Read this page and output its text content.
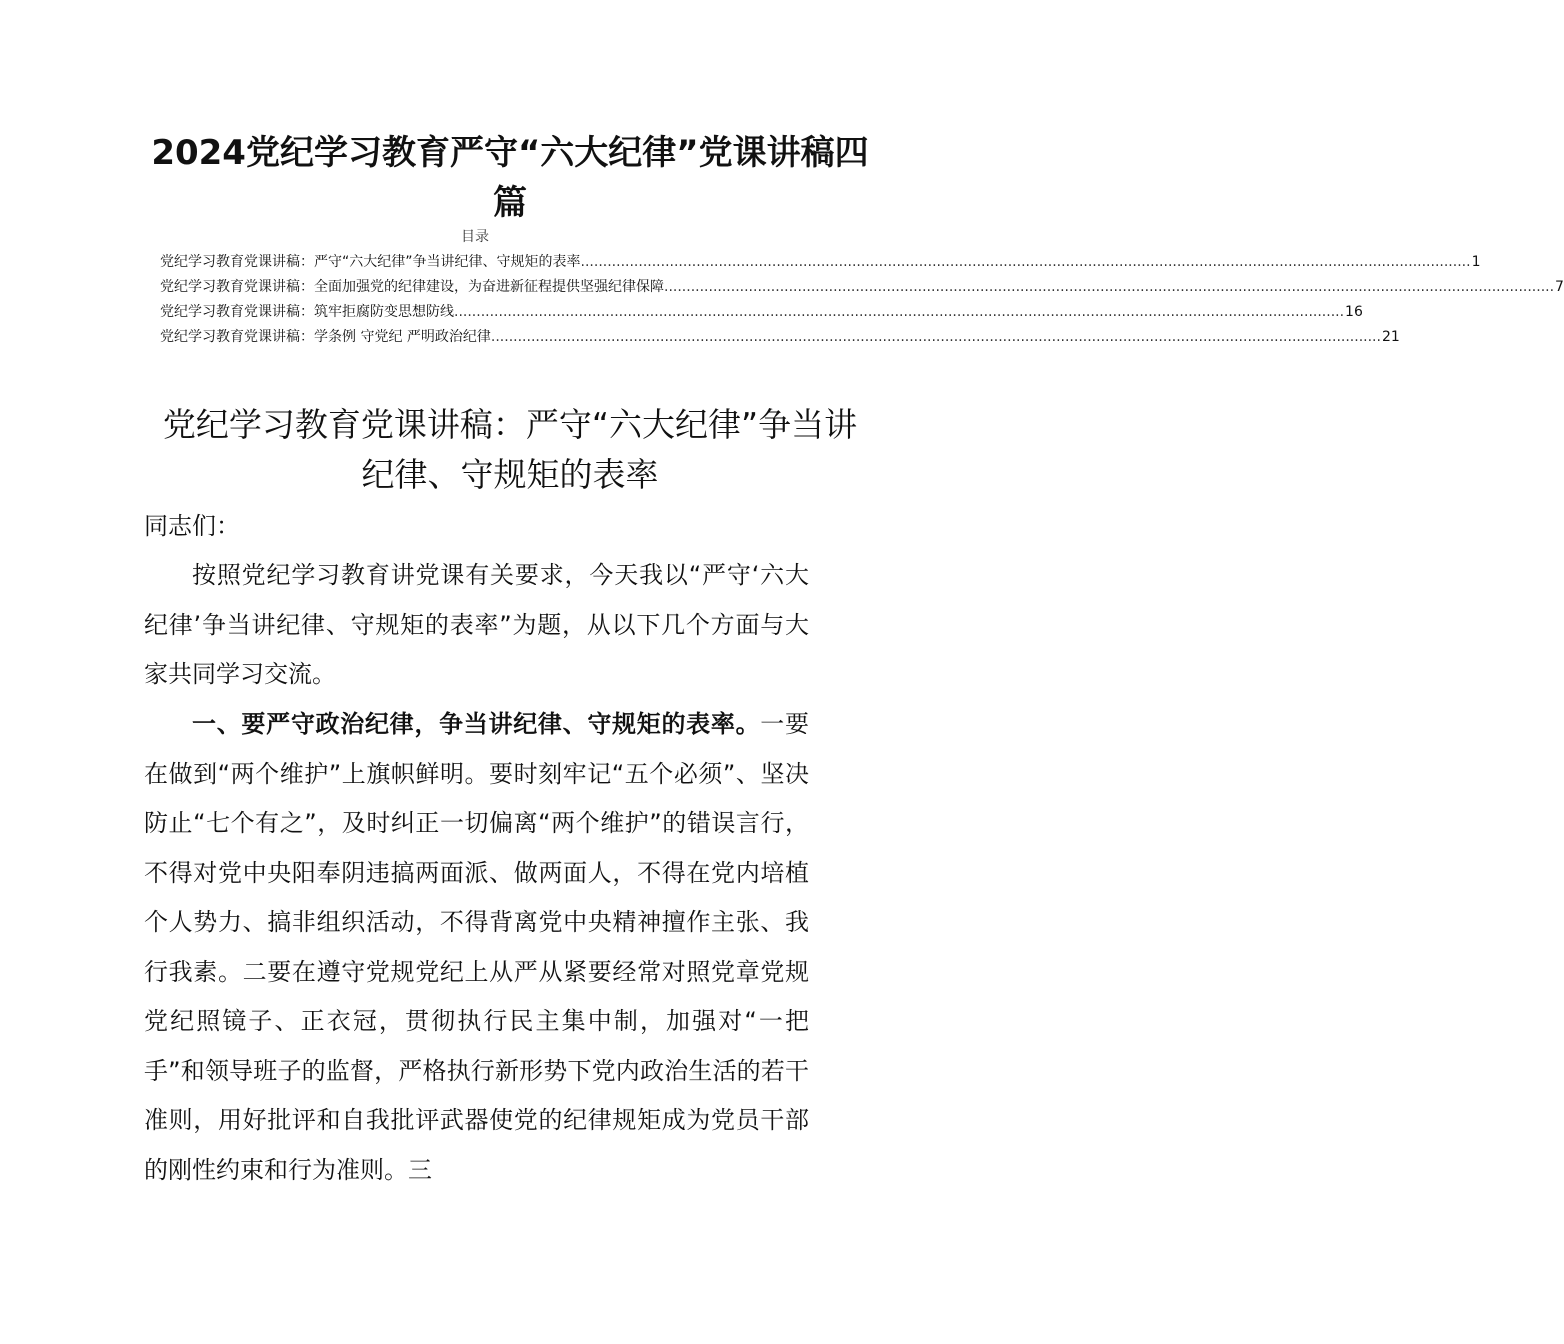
2024党纪学习教育严守“六大纪律”党课讲稿四篇
目录
党纪学习教育党课讲稿：严守“六大纪律”争当讲纪律、守规矩的表率 ........................................................................................................................................................................................................ 1
党纪学习教育党课讲稿：全面加强党的纪律建设，为奋进新征程提供坚强纪律保障 ........................................................................................................................................................................................................ 7
党纪学习教育党课讲稿：筑牢拒腐防变思想防线 ........................................................................................................................................................................................................ 16
党纪学习教育党课讲稿：学条例 守党纪 严明政治纪律 ........................................................................................................................................................................................................ 21
党纪学习教育党课讲稿：严守“六大纪律”争当讲纪律、守规矩的表率
同志们：
按照党纪学习教育讲党课有关要求，今天我以“严守‘六大纪律’争当讲纪律、守规矩的表率”为题，从以下几个方面与大家共同学习交流。
一、要严守政治纪律，争当讲纪律、守规矩的表率。一要在做到“两个维护”上旗帜鲜明。要时刻牢记“五个必须”、坚决防止“七个有之”，及时纠正一切偏离“两个维护”的错误言行，不得对党中央阳奉阴违搞两面派、做两面人，不得在党内培植个人势力、搞非组织活动，不得背离党中央精神擅作主张、我行我素。二要在遵守党规党纪上从严从紧要经常对照党章党规党纪照镜子、正衣冠，贯彻执行民主集中制，加强对“一把手”和领导班子的监督，严格执行新形势下党内政治生活的若干准则，用好批评和自我批评武器使党的纪律规矩成为党员干部的刚性约束和行为准则。三
